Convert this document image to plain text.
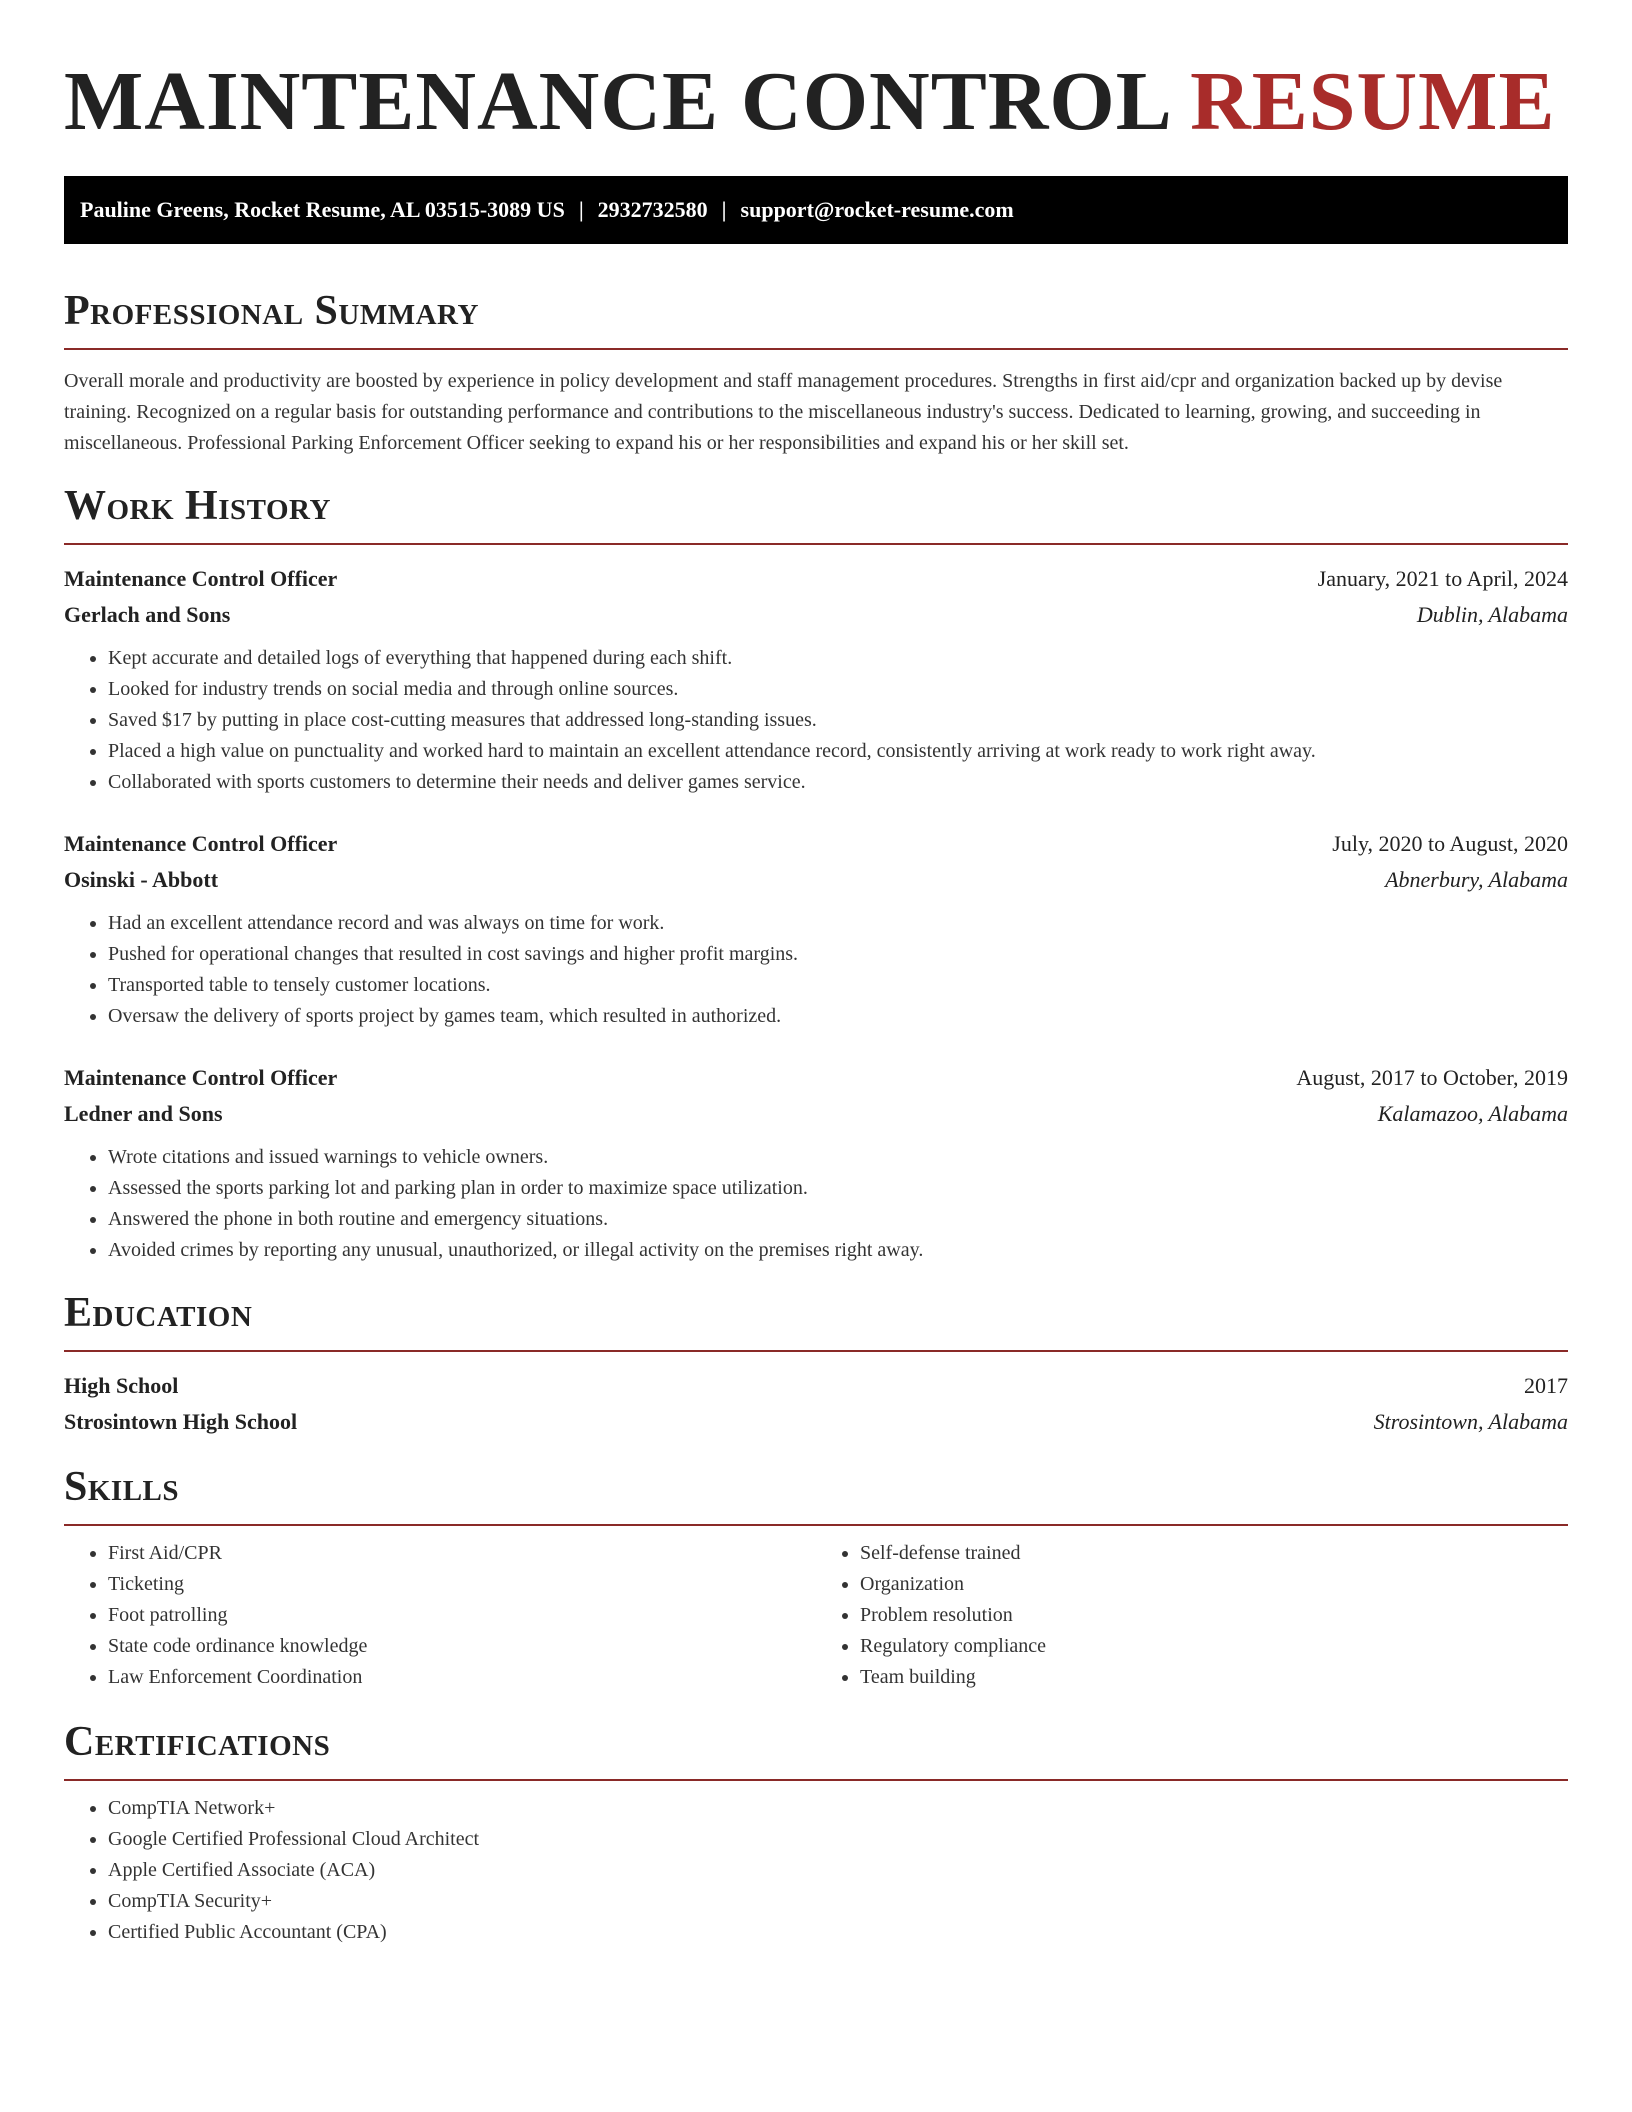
MAINTENANCE CONTROL RESUME
Pauline Greens, Rocket Resume, AL 03515-3089 US | 2932732580 | support@rocket-resume.com
Professional Summary

Overall morale and productivity are boosted by experience in policy development and staff management procedures. Strengths in first aid/cpr and organization backed up by devise training. Recognized on a regular basis for outstanding performance and contributions to the miscellaneous industry's success. Dedicated to learning, growing, and succeeding in miscellaneous. Professional Parking Enforcement Officer seeking to expand his or her responsibilities and expand his or her skill set.

Work History
Maintenance Control Officer	January, 2021 to April, 2024
Gerlach and Sons	Dublin, Alabama
• Kept accurate and detailed logs of everything that happened during each shift.
• Looked for industry trends on social media and through online sources.
• Saved $17 by putting in place cost-cutting measures that addressed long-standing issues.
• Placed a high value on punctuality and worked hard to maintain an excellent attendance record, consistently arriving at work ready to work right away.
• Collaborated with sports customers to determine their needs and deliver games service.
Maintenance Control Officer	July, 2020 to August, 2020
Osinski - Abbott	Abnerbury, Alabama
• Had an excellent attendance record and was always on time for work.
• Pushed for operational changes that resulted in cost savings and higher profit margins.
• Transported table to tensely customer locations.
• Oversaw the delivery of sports project by games team, which resulted in authorized.
Maintenance Control Officer	August, 2017 to October, 2019
Ledner and Sons	Kalamazoo, Alabama
• Wrote citations and issued warnings to vehicle owners.
• Assessed the sports parking lot and parking plan in order to maximize space utilization.
• Answered the phone in both routine and emergency situations.
• Avoided crimes by reporting any unusual, unauthorized, or illegal activity on the premises right away.
Education
High School	2017
Strosintown High School	Strosintown, Alabama
Skills
• First Aid/CPR
• Ticketing
• Foot patrolling
• State code ordinance knowledge
• Law Enforcement Coordination
• Self-defense trained
• Organization
• Problem resolution
• Regulatory compliance
• Team building
Certifications
• CompTIA Network+
• Google Certified Professional Cloud Architect
• Apple Certified Associate (ACA)
• CompTIA Security+
• Certified Public Accountant (CPA)
